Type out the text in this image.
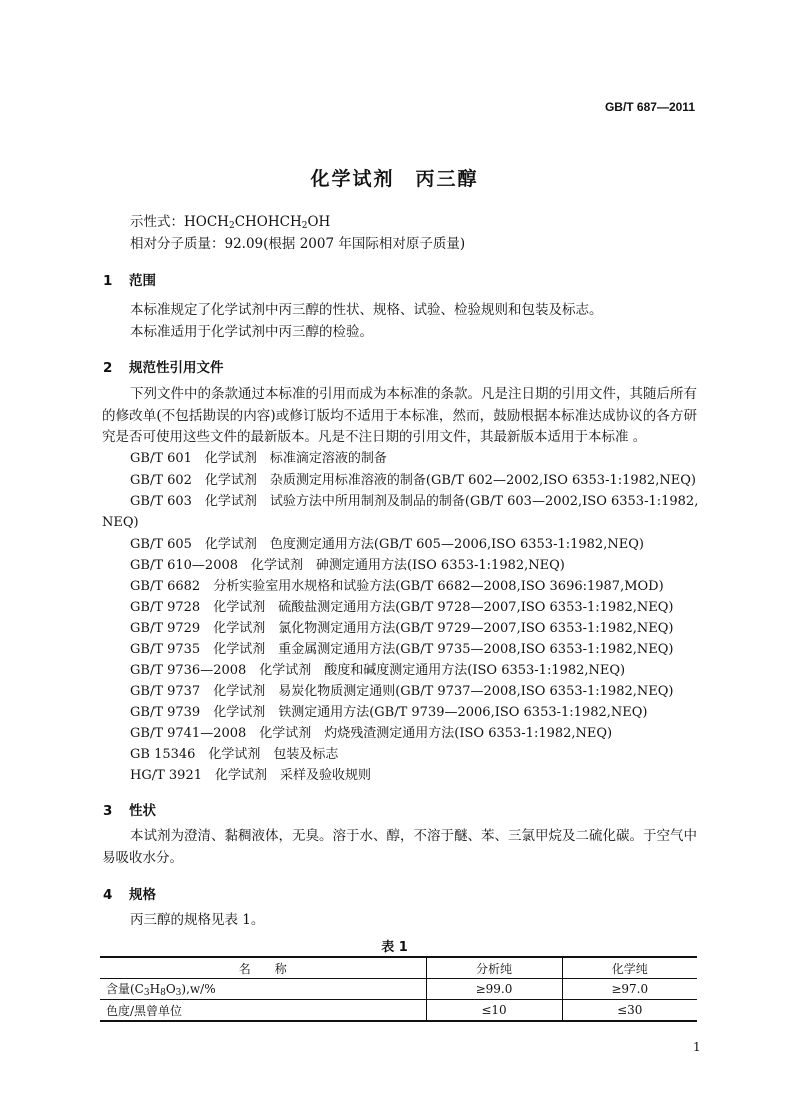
GB/T 687—2011
化学试剂　丙三醇
示性式：$HOCH_2CHOHCH_2OH$
相对分子质量：92.09(根据 2007 年国际相对原子质量)
1 范围
本标准规定了化学试剂中丙三醇的性状、规格、试验、检验规则和包装及标志。
本标准适用于化学试剂中丙三醇的检验。
2 规范性引用文件
下列文件中的条款通过本标准的引用而成为本标准的条款。凡是注日期的引用文件，其随后所有的修改单(不包括勘误的内容)或修订版均不适用于本标准，然而，鼓励根据本标准达成协议的各方研究是否可使用这些文件的最新版本。凡是不注日期的引用文件，其最新版本适用于本标准 。
GB/T 601　化学试剂　标准滴定溶液的制备
GB/T 602　化学试剂　杂质测定用标准溶液的制备(GB/T 602—2002,ISO 6353-1:1982,NEQ)
GB/T 603　化学试剂　试验方法中所用制剂及制品的制备(GB/T 603—2002,ISO 6353-1:1982,
NEQ)
GB/T 605　化学试剂　色度测定通用方法(GB/T 605—2006,ISO 6353-1:1982,NEQ)
GB/T 610—2008　化学试剂　砷测定通用方法(ISO 6353-1:1982,NEQ)
GB/T 6682　分析实验室用水规格和试验方法(GB/T 6682—2008,ISO 3696:1987,MOD)
GB/T 9728　化学试剂　硫酸盐测定通用方法(GB/T 9728—2007,ISO 6353-1:1982,NEQ)
GB/T 9729　化学试剂　氯化物测定通用方法(GB/T 9729—2007,ISO 6353-1:1982,NEQ)
GB/T 9735　化学试剂　重金属测定通用方法(GB/T 9735—2008,ISO 6353-1:1982,NEQ)
GB/T 9736—2008　化学试剂　酸度和碱度测定通用方法(ISO 6353-1:1982,NEQ)
GB/T 9737　化学试剂　易炭化物质测定通则(GB/T 9737—2008,ISO 6353-1:1982,NEQ)
GB/T 9739　化学试剂　铁测定通用方法(GB/T 9739—2006,ISO 6353-1:1982,NEQ)
GB/T 9741—2008　化学试剂　灼烧残渣测定通用方法(ISO 6353-1:1982,NEQ)
GB 15346　化学试剂　包装及标志
HG/T 3921　化学试剂　采样及验收规则
3 性状
本试剂为澄清、黏稠液体，无臭。溶于水、醇，不溶于醚、苯、三氯甲烷及二硫化碳。于空气中易吸收水分。
4 规格
丙三醇的规格见表 1。
表 1
名　　称	分析纯	化学纯
含量$(C_3H_8O_3),w/\%$	≥99.0	≥97.0
色度/黑曾单位	≤10	≤30
1
